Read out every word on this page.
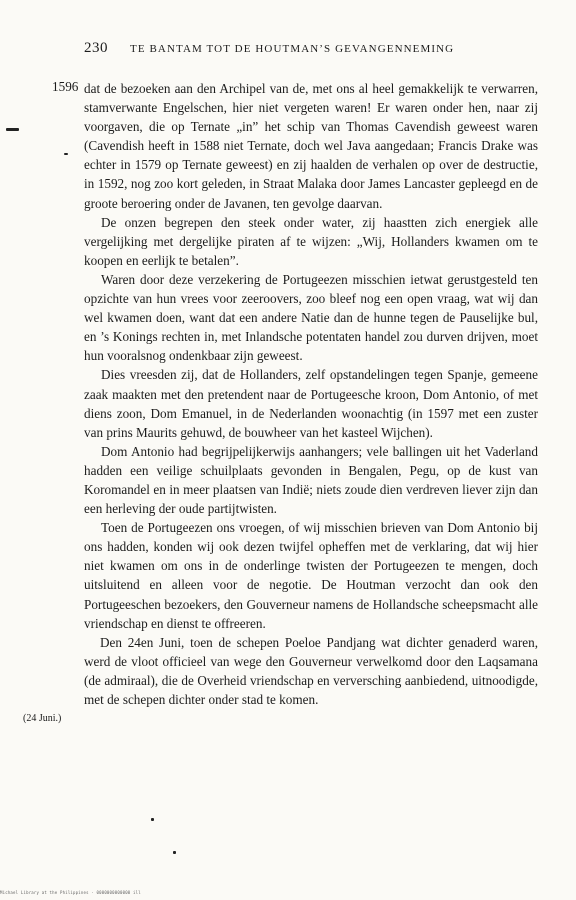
230 TE BANTAM TOT DE HOUTMAN’S GEVANGENNEMING
1596 dat de bezoeken aan den Archipel van de, met ons al heel gemakkelijk te verwarren, stamverwante Engelschen, hier niet vergeten waren! Er waren onder hen, naar zij voorgaven, die op Ternate „in” het schip van Thomas Cavendish geweest waren (Cavendish heeft in 1588 niet Ternate, doch wel Java aangedaan; Francis Drake was echter in 1579 op Ternate geweest) en zij haalden de verhalen op over de destructie, in 1592, nog zoo kort geleden, in Straat Malaka door James Lancaster gepleegd en de groote beroering onder de Javanen, ten gevolge daarvan.

De onzen begrepen den steek onder water, zij haastten zich energiek alle vergelijking met dergelijke piraten af te wijzen: „Wij, Hollanders kwamen om te koopen en eerlijk te betalen”.

Waren door deze verzekering de Portugeezen misschien ietwat gerustgesteld ten opzichte van hun vrees voor zeeroovers, zoo bleef nog een open vraag, wat wij dan wel kwamen doen, want dat een andere Natie dan de hunne tegen de Pauselijke bul, en ’s Konings rechten in, met Inlandsche potentaten handel zou durven drijven, moet hun vooralsnog ondenkbaar zijn geweest.

Dies vreesden zij, dat de Hollanders, zelf opstandelingen tegen Spanje, gemeene zaak maakten met den pretendent naar de Portugeesche kroon, Dom Antonio, of met diens zoon, Dom Emanuel, in de Nederlanden woonachtig (in 1597 met een zuster van prins Maurits gehuwd, de bouwheer van het kasteel Wijchen).

Dom Antonio had begrijpelijkerwijs aanhangers; vele ballingen uit het Vaderland hadden een veilige schuilplaats gevonden in Bengalen, Pegu, op de kust van Koromandel en in meer plaatsen van Indië; niets zoude dien verdreven liever zijn dan een herleving der oude partijtwisten.

Toen de Portugeezen ons vroegen, of wij misschien brieven van Dom Antonio bij ons hadden, konden wij ook dezen twijfel opheffen met de verklaring, dat wij hier niet kwamen om ons in de onderlinge twisten der Portugeezen te mengen, doch uitsluitend en alleen voor de negotie. De Houtman verzocht dan ook den Portugeeschen bezoekers, den Gouverneur namens de Hollandsche scheepsmacht alle vriendschap en dienst te offreeren.

Den 24en Juni, toen de schepen Poeloe Pandjang wat dichter genaderd waren, werd de vloot officieel van wege den Gouverneur verwelkomd door den Laqsamana (de admiraal), die de Overheid vriendschap en verversching aanbiedend, uitnoodigde, met de schepen dichter onder stad te komen.

(24 Juni.)
Michael Library at the Philippines · 0000000000000 ill
